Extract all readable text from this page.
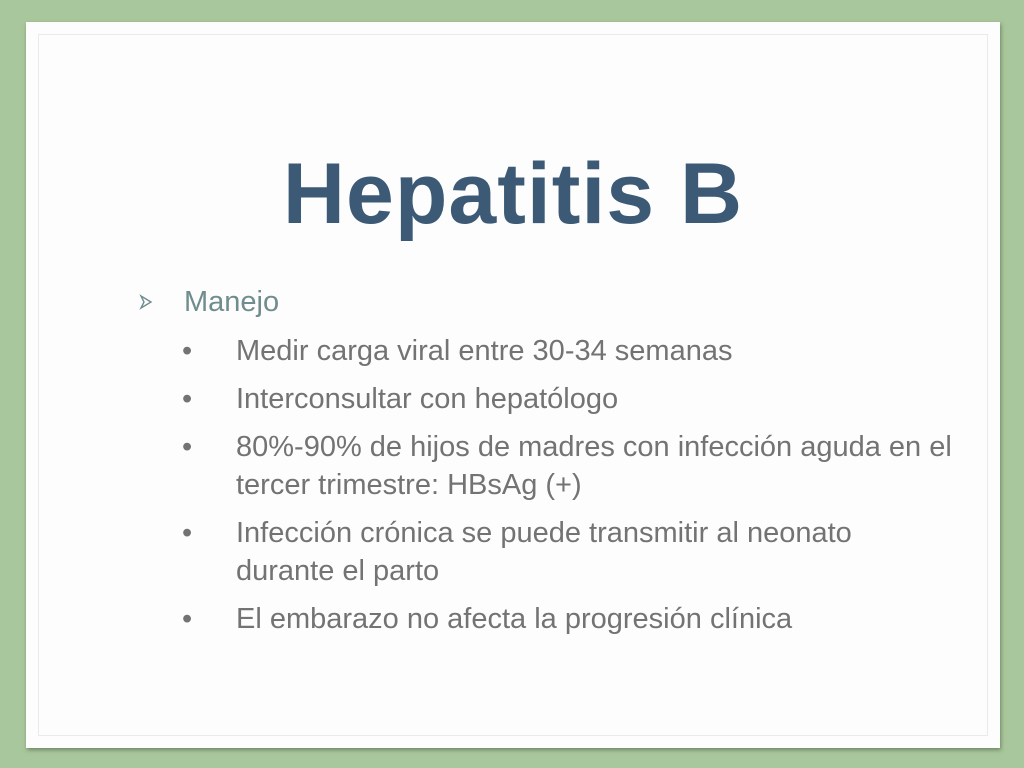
Hepatitis B
Manejo
• Medir carga viral entre 30-34 semanas
• Interconsultar con hepatólogo
• 80%-90% de hijos de madres con infección aguda en el tercer trimestre: HBsAg (+)
• Infección crónica se puede transmitir al neonato durante el parto
• El embarazo no afecta la progresión clínica
